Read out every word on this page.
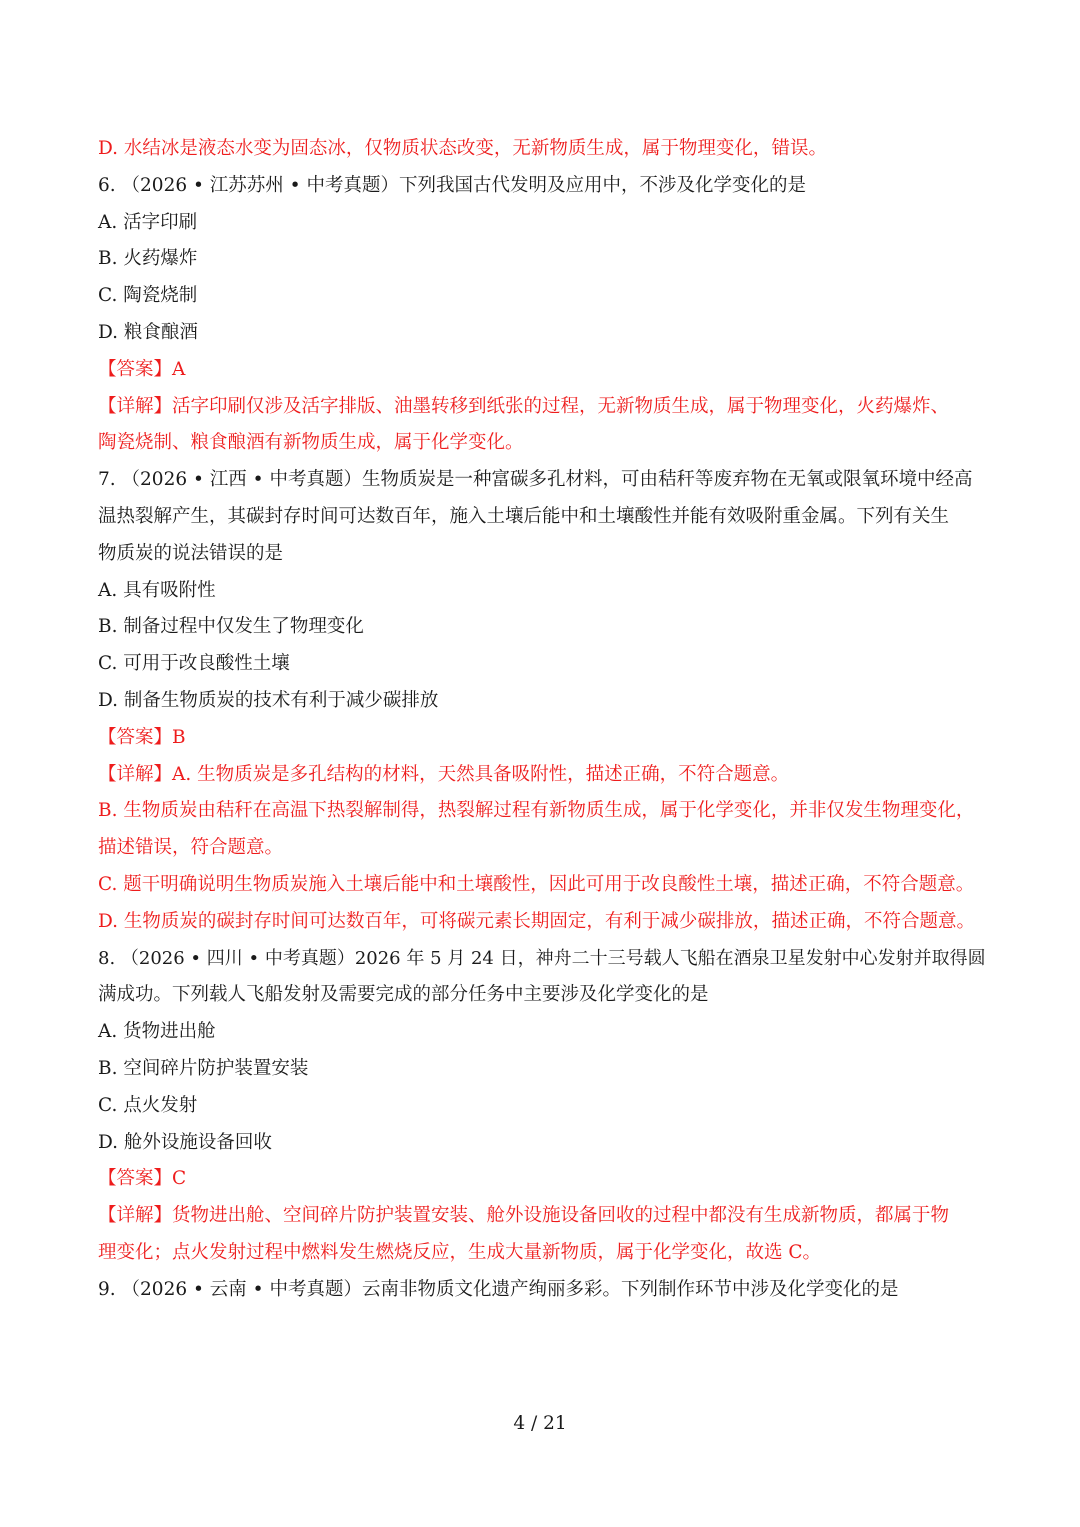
D. 水结冰是液态水变为固态冰，仅物质状态改变，无新物质生成，属于物理变化，错误。

6. （2026 • 江苏苏州 • 中考真题）下列我国古代发明及应用中，不涉及化学变化的是

A. 活字印刷

B. 火药爆炸

C. 陶瓷烧制

D. 粮食酿酒

【答案】A

【详解】活字印刷仅涉及活字排版、油墨转移到纸张的过程，无新物质生成，属于物理变化，火药爆炸、

陶瓷烧制、粮食酿酒有新物质生成，属于化学变化。

7. （2026 • 江西 • 中考真题）生物质炭是一种富碳多孔材料，可由秸秆等废弃物在无氧或限氧环境中经高

温热裂解产生，其碳封存时间可达数百年，施入土壤后能中和土壤酸性并能有效吸附重金属。下列有关生

物质炭的说法错误的是

A. 具有吸附性

B. 制备过程中仅发生了物理变化

C. 可用于改良酸性土壤

D. 制备生物质炭的技术有利于减少碳排放

【答案】B

【详解】A. 生物质炭是多孔结构的材料，天然具备吸附性，描述正确，不符合题意。

B. 生物质炭由秸秆在高温下热裂解制得，热裂解过程有新物质生成，属于化学变化，并非仅发生物理变化，

描述错误，符合题意。

C. 题干明确说明生物质炭施入土壤后能中和土壤酸性，因此可用于改良酸性土壤，描述正确，不符合题意。

D. 生物质炭的碳封存时间可达数百年，可将碳元素长期固定，有利于减少碳排放，描述正确，不符合题意。

8. （2026 • 四川 • 中考真题）2026 年 5 月 24 日，神舟二十三号载人飞船在酒泉卫星发射中心发射并取得圆

满成功。下列载人飞船发射及需要完成的部分任务中主要涉及化学变化的是

A. 货物进出舱

B. 空间碎片防护装置安装

C. 点火发射

D. 舱外设施设备回收

【答案】C

【详解】货物进出舱、空间碎片防护装置安装、舱外设施设备回收的过程中都没有生成新物质，都属于物

理变化；点火发射过程中燃料发生燃烧反应，生成大量新物质，属于化学变化，故选 C。

9. （2026 • 云南 • 中考真题）云南非物质文化遗产绚丽多彩。下列制作环节中涉及化学变化的是

4 / 21
